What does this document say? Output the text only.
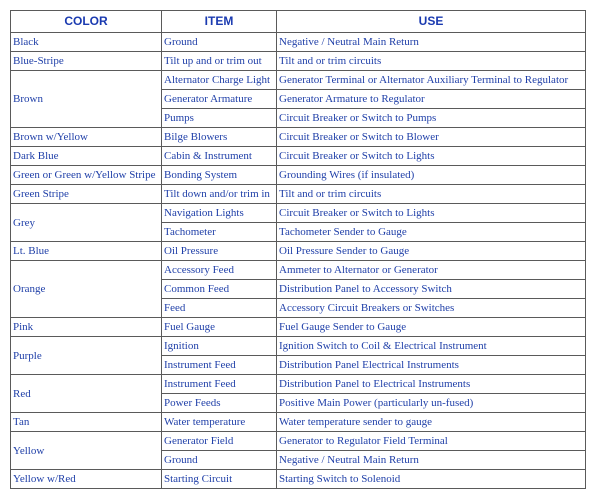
COLOR	ITEM	USE
Black	Ground	Negative / Neutral Main Return
Blue-Stripe	Tilt up and or trim out	Tilt and or trim circuits
Brown	Alternator Charge Light	Generator Terminal or Alternator Auxiliary Terminal to Regulator
	Generator Armature	Generator Armature to Regulator
	Pumps	Circuit Breaker or Switch to Pumps
Brown w/Yellow	Bilge Blowers	Circuit Breaker or Switch to Blower
Dark Blue	Cabin & Instrument	Circuit Breaker or Switch to Lights
Green or Green w/Yellow Stripe	Bonding System	Grounding Wires (if insulated)
Green Stripe	Tilt down and/or trim in	Tilt and or trim circuits
Grey	Navigation Lights	Circuit Breaker or Switch to Lights
	Tachometer	Tachometer Sender to Gauge
Lt. Blue	Oil Pressure	Oil Pressure Sender to Gauge
Orange	Accessory Feed	Ammeter to Alternator or Generator
	Common Feed	Distribution Panel to Accessory Switch
	Feed	Accessory Circuit Breakers or Switches
Pink	Fuel Gauge	Fuel Gauge Sender to Gauge
Purple	Ignition	Ignition Switch to Coil & Electrical Instrument
	Instrument Feed	Distribution Panel Electrical Instruments
Red	Instrument Feed	Distribution Panel to Electrical Instruments
	Power Feeds	Positive Main Power (particularly un-fused)
Tan	Water temperature	Water temperature sender to gauge
Yellow	Generator Field	Generator to Regulator Field Terminal
	Ground	Negative / Neutral Main Return
Yellow w/Red	Starting Circuit	Starting Switch to Solenoid
